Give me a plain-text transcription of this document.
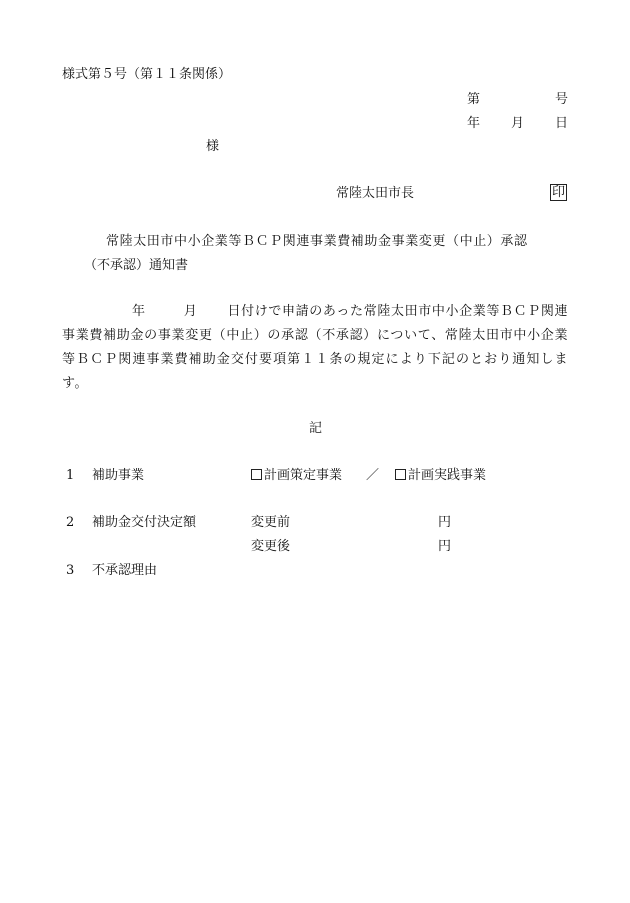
様式第５号（第１１条関係）
第	号
年 月 日
様
常陸太田市長	印
常陸太田市中小企業等ＢＣＰ関連事業費補助金事業変更（中止）承認
（不承認）通知書
年	月 日付けで申請のあった常陸太田市中小企業等ＢＣＰ関連事業費補助金の事業変更（中止）の承認（不承認）について、常陸太田市中小企業等ＢＣＰ関連事業費補助金交付要項第１１条の規定により下記のとおり通知します。
記
1 補助事業	計画策定事業 ／	計画実践事業
2 補助金交付決定額	変更前	円
変更後	円
3 不承認理由
